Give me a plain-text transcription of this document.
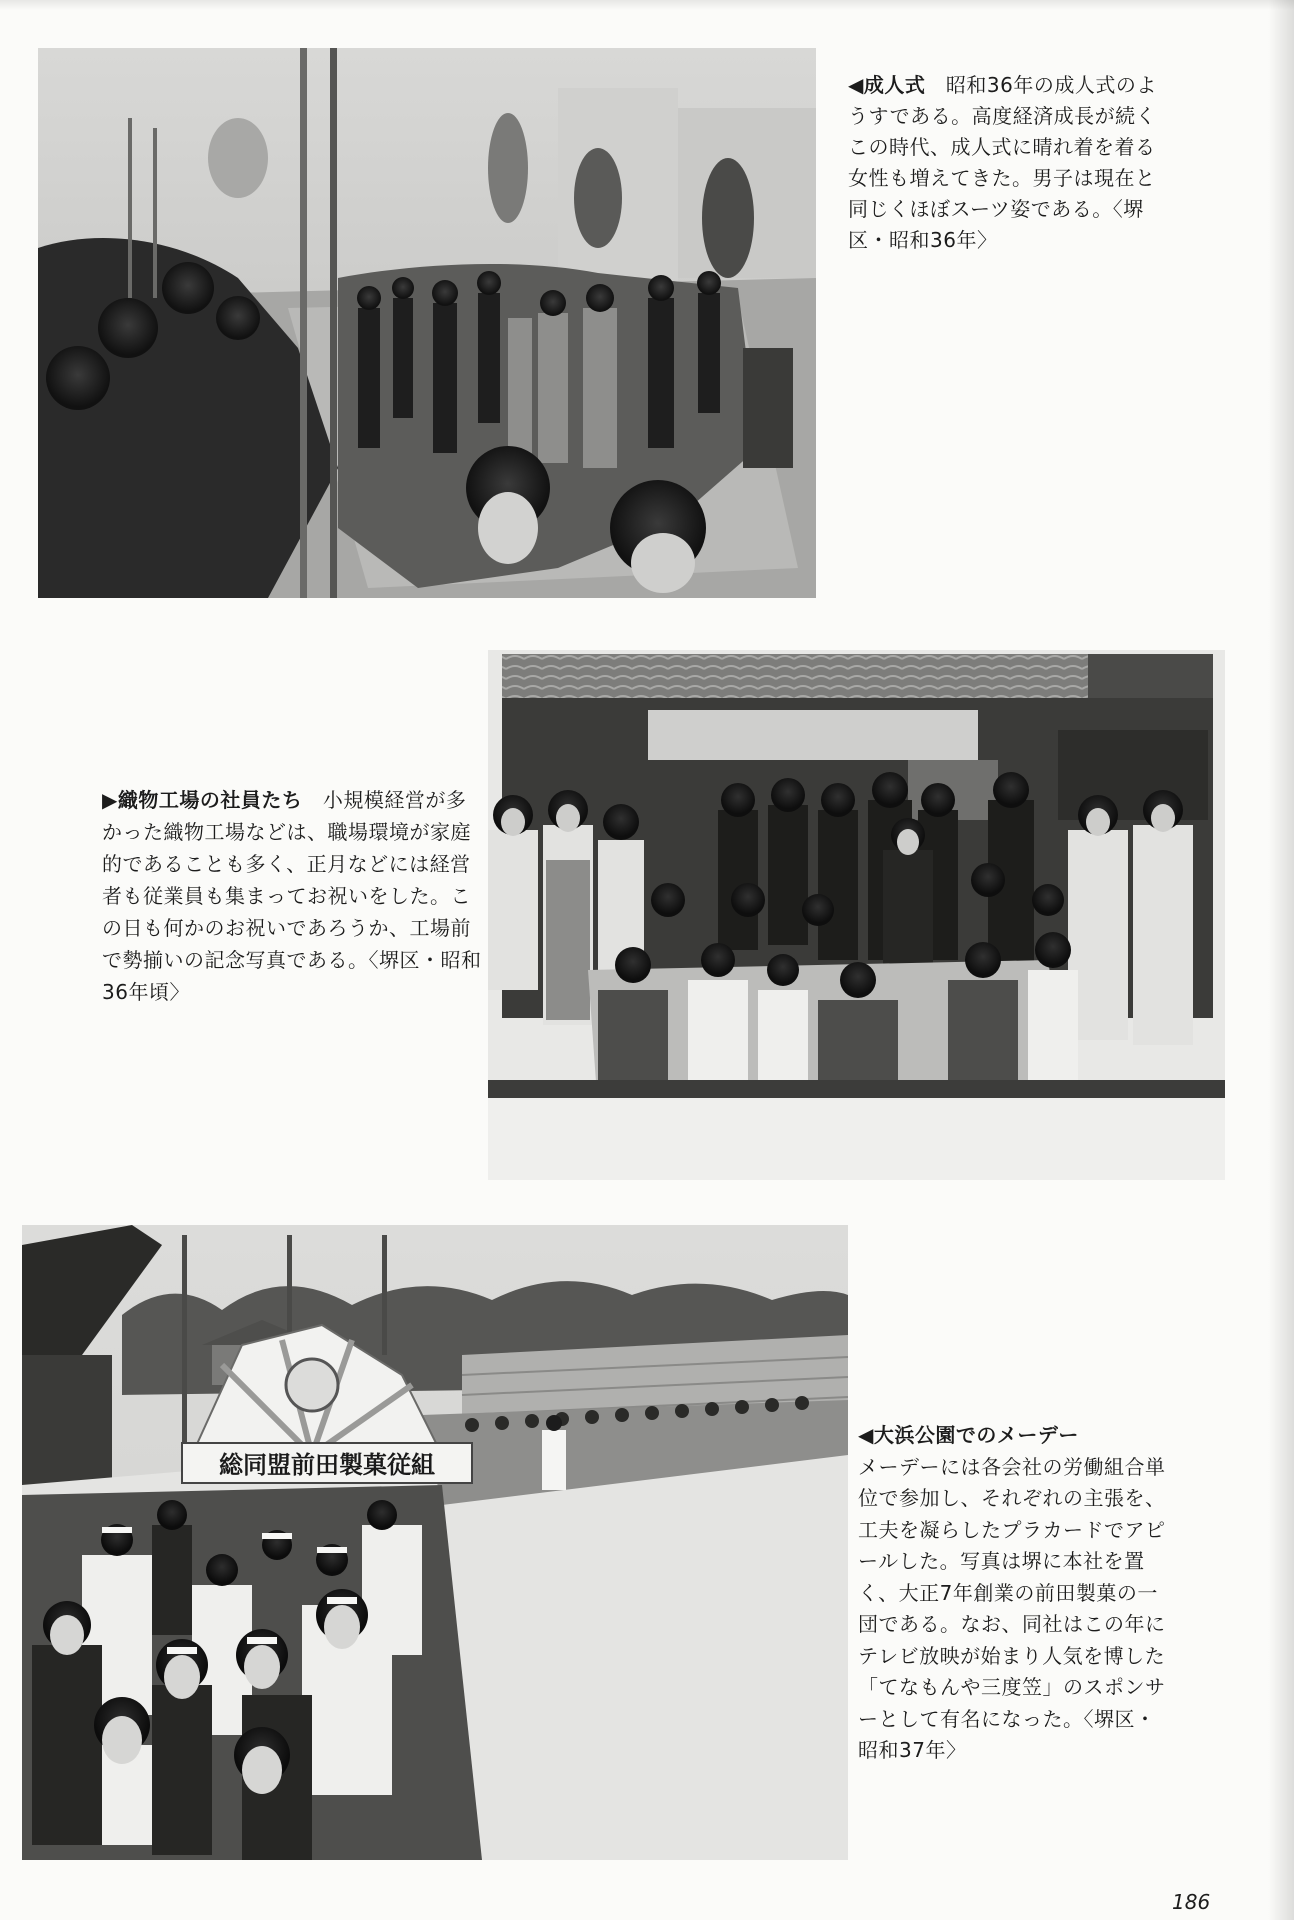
◀成人式　 昭和36年の成人式のようすである。高度経済成長が続くこの時代、成人式に晴れ着を着る女性も増えてきた。男子は現在と同じくほぼスーツ姿である。〈堺区・昭和36年〉

▶織物工場の社員たち　 小規模経営が多かった織物工場などは、職場環境が家庭的であることも多く、正月などには経営者も従業員も集まってお祝いをした。この日も何かのお祝いであろうか、工場前で勢揃いの記念写真である。〈堺区・昭和36年頃〉

総同盟前田製菓従組

◀大浜公園でのメーデー
メーデーには各会社の労働組合単位で参加し、それぞれの主張を、工夫を凝らしたプラカードでアピールした。写真は堺に本社を置く、大正7年創業の前田製菓の一団である。なお、同社はこの年にテレビ放映が始まり人気を博した「てなもんや三度笠」のスポンサーとして有名になった。〈堺区・昭和37年〉

186
